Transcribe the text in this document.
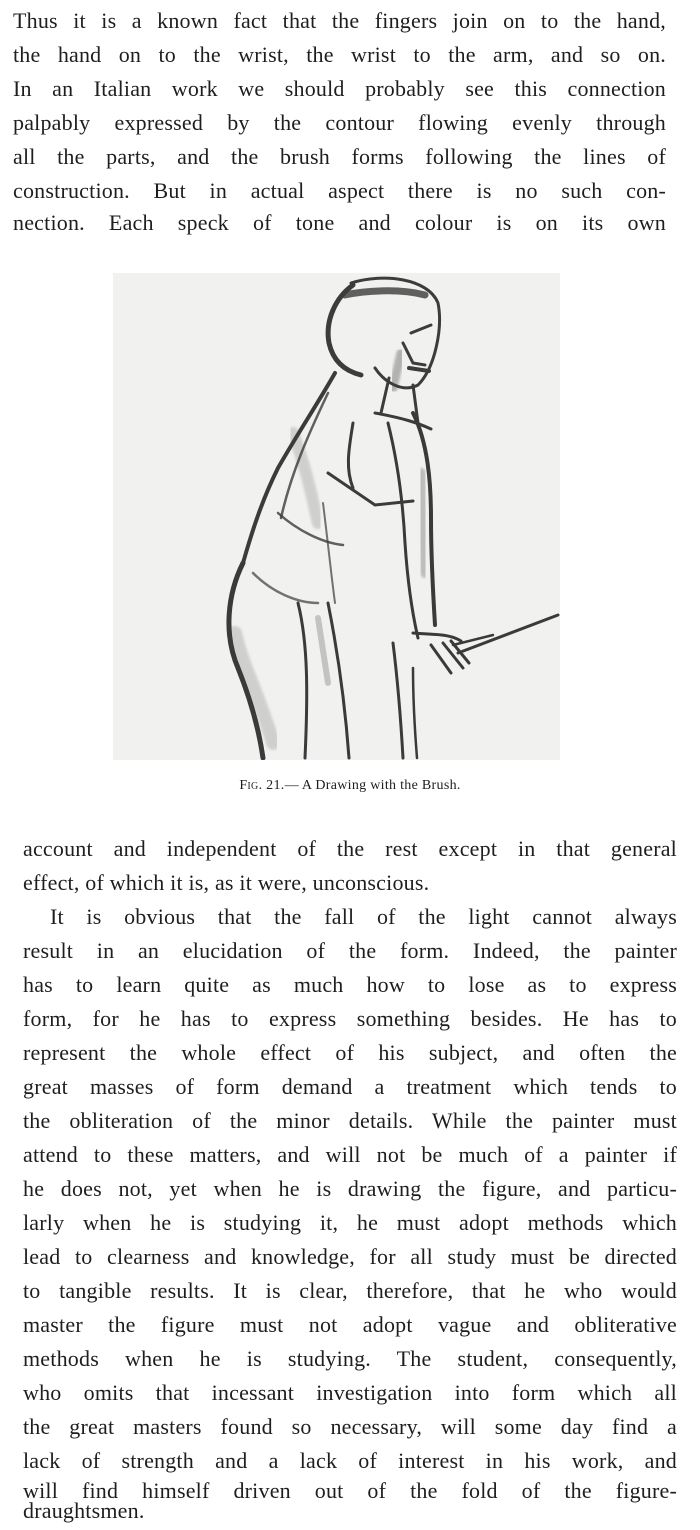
Thus it is a known fact that the fingers join on to the hand,
the hand on to the wrist, the wrist to the arm, and so on.
In an Italian work we should probably see this connection
palpably expressed by the contour flowing evenly through
all the parts, and the brush forms following the lines of
construction. But in actual aspect there is no such con-
nection. Each speck of tone and colour is on its own
Fig. 21.— A Drawing with the Brush.
account and independent of the rest except in that general
effect, of which it is, as it were, unconscious.
It is obvious that the fall of the light cannot always
result in an elucidation of the form. Indeed, the painter
has to learn quite as much how to lose as to express
form, for he has to express something besides. He has to
represent the whole effect of his subject, and often the
great masses of form demand a treatment which tends to
the obliteration of the minor details. While the painter must
attend to these matters, and will not be much of a painter if
he does not, yet when he is drawing the figure, and particu-
larly when he is studying it, he must adopt methods which
lead to clearness and knowledge, for all study must be directed
to tangible results. It is clear, therefore, that he who would
master the figure must not adopt vague and obliterative
methods when he is studying. The student, consequently,
who omits that incessant investigation into form which all
the great masters found so necessary, will some day find a
lack of strength and a lack of interest in his work, and
will find himself driven out of the fold of the figure-
draughtsmen.
